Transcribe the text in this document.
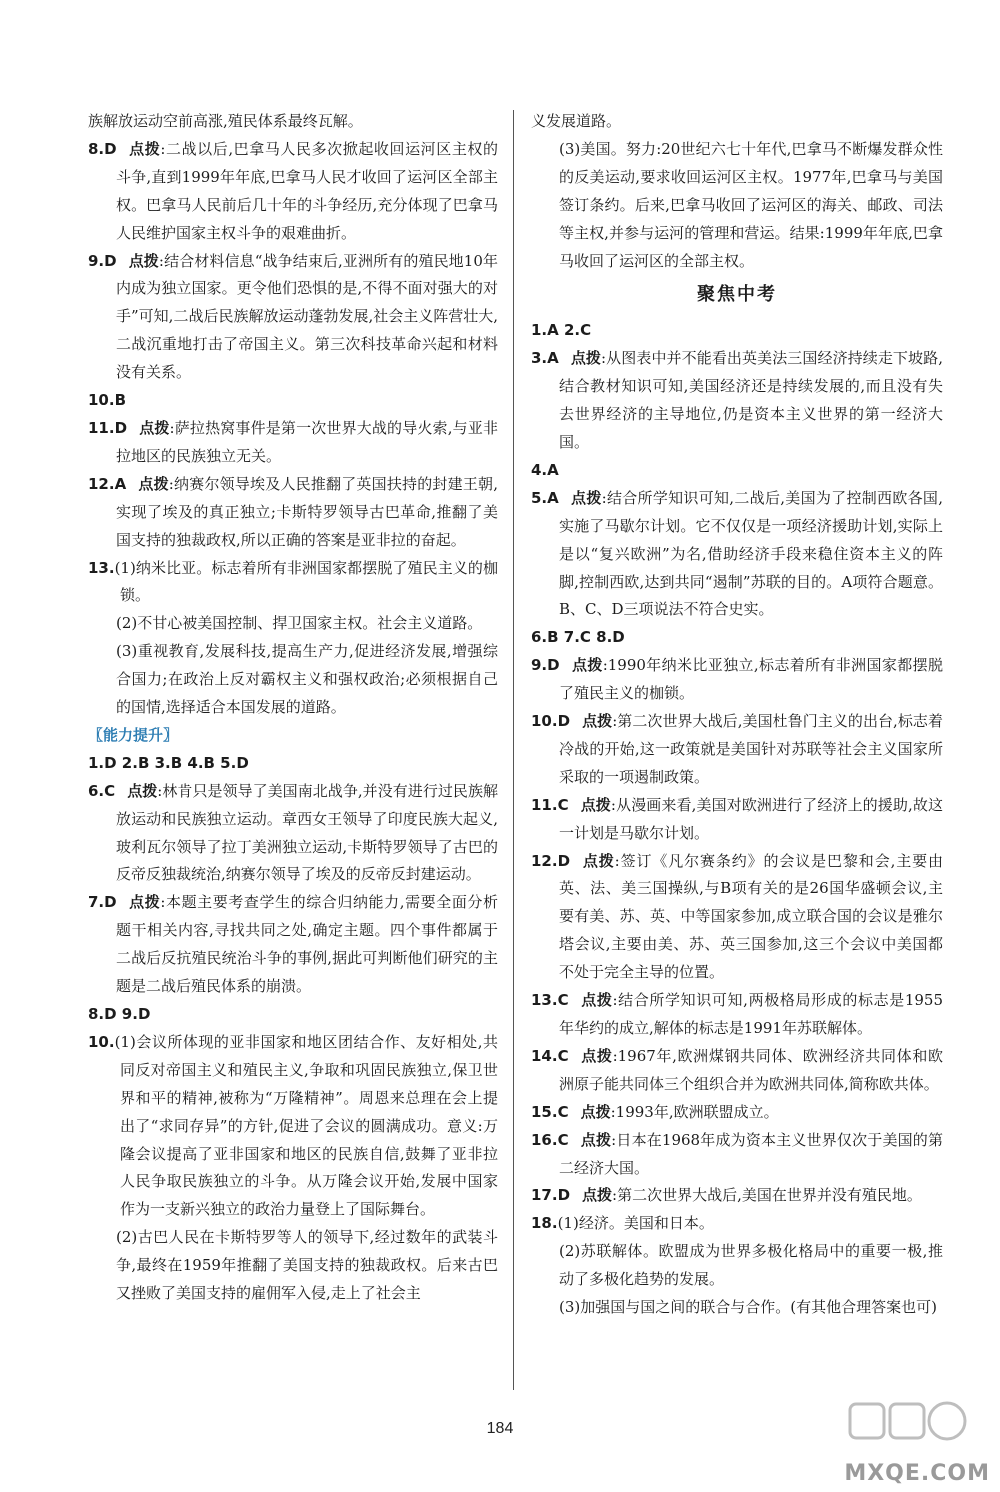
族解放运动空前高涨,殖民体系最终瓦解。

8.D 点拨:二战以后,巴拿马人民多次掀起收回运河区主权的斗争,直到1999年年底,巴拿马人民才收回了运河区全部主权。巴拿马人民前后几十年的斗争经历,充分体现了巴拿马人民维护国家主权斗争的艰难曲折。

9.D 点拨:结合材料信息“战争结束后,亚洲所有的殖民地10年内成为独立国家。更令他们恐惧的是,不得不面对强大的对手”可知,二战后民族解放运动蓬勃发展,社会主义阵营壮大,二战沉重地打击了帝国主义。第三次科技革命兴起和材料没有关系。

10.B

11.D 点拨:萨拉热窝事件是第一次世界大战的导火索,与亚非拉地区的民族独立无关。

12.A 点拨:纳赛尔领导埃及人民推翻了英国扶持的封建王朝,实现了埃及的真正独立;卡斯特罗领导古巴革命,推翻了美国支持的独裁政权,所以正确的答案是亚非拉的奋起。

13.(1)纳米比亚。标志着所有非洲国家都摆脱了殖民主义的枷锁。

(2)不甘心被美国控制、捍卫国家主权。社会主义道路。

(3)重视教育,发展科技,提高生产力,促进经济发展,增强综合国力;在政治上反对霸权主义和强权政治;必须根据自己的国情,选择适合本国发展的道路。

〖能力提升〗

1.D 2.B 3.B 4.B 5.D

6.C 点拨:林肯只是领导了美国南北战争,并没有进行过民族解放运动和民族独立运动。章西女王领导了印度民族大起义,玻利瓦尔领导了拉丁美洲独立运动,卡斯特罗领导了古巴的反帝反独裁统治,纳赛尔领导了埃及的反帝反封建运动。

7.D 点拨:本题主要考查学生的综合归纳能力,需要全面分析题干相关内容,寻找共同之处,确定主题。四个事件都属于二战后反抗殖民统治斗争的事例,据此可判断他们研究的主题是二战后殖民体系的崩溃。

8.D 9.D

10.(1)会议所体现的亚非国家和地区团结合作、友好相处,共同反对帝国主义和殖民主义,争取和巩固民族独立,保卫世界和平的精神,被称为“万隆精神”。周恩来总理在会上提出了“求同存异”的方针,促进了会议的圆满成功。意义:万隆会议提高了亚非国家和地区的民族自信,鼓舞了亚非拉人民争取民族独立的斗争。从万隆会议开始,发展中国家作为一支新兴独立的政治力量登上了国际舞台。

(2)古巴人民在卡斯特罗等人的领导下,经过数年的武装斗争,最终在1959年推翻了美国支持的独裁政权。后来古巴又挫败了美国支持的雇佣军入侵,走上了社会主

义发展道路。

(3)美国。努力:20世纪六七十年代,巴拿马不断爆发群众性的反美运动,要求收回运河区主权。1977年,巴拿马与美国签订条约。后来,巴拿马收回了运河区的海关、邮政、司法等主权,并参与运河的管理和营运。结果:1999年年底,巴拿马收回了运河区的全部主权。

聚焦中考

1.A 2.C

3.A 点拨:从图表中并不能看出英美法三国经济持续走下坡路,结合教材知识可知,美国经济还是持续发展的,而且没有失去世界经济的主导地位,仍是资本主义世界的第一经济大国。

4.A

5.A 点拨:结合所学知识可知,二战后,美国为了控制西欧各国,实施了马歇尔计划。它不仅仅是一项经济援助计划,实际上是以“复兴欧洲”为名,借助经济手段来稳住资本主义的阵脚,控制西欧,达到共同“遏制”苏联的目的。A项符合题意。B、C、D三项说法不符合史实。

6.B 7.C 8.D

9.D 点拨:1990年纳米比亚独立,标志着所有非洲国家都摆脱了殖民主义的枷锁。

10.D 点拨:第二次世界大战后,美国杜鲁门主义的出台,标志着冷战的开始,这一政策就是美国针对苏联等社会主义国家所采取的一项遏制政策。

11.C 点拨:从漫画来看,美国对欧洲进行了经济上的援助,故这一计划是马歇尔计划。

12.D 点拨:签订《凡尔赛条约》的会议是巴黎和会,主要由英、法、美三国操纵,与B项有关的是26国华盛顿会议,主要有美、苏、英、中等国家参加,成立联合国的会议是雅尔塔会议,主要由美、苏、英三国参加,这三个会议中美国都不处于完全主导的位置。

13.C 点拨:结合所学知识可知,两极格局形成的标志是1955年华约的成立,解体的标志是1991年苏联解体。

14.C 点拨:1967年,欧洲煤钢共同体、欧洲经济共同体和欧洲原子能共同体三个组织合并为欧洲共同体,简称欧共体。

15.C 点拨:1993年,欧洲联盟成立。

16.C 点拨:日本在1968年成为资本主义世界仅次于美国的第二经济大国。

17.D 点拨:第二次世界大战后,美国在世界并没有殖民地。

18.(1)经济。美国和日本。

(2)苏联解体。欧盟成为世界多极化格局中的重要一极,推动了多极化趋势的发展。

(3)加强国与国之间的联合与合作。(有其他合理答案也可)

184
MXQE.COM
